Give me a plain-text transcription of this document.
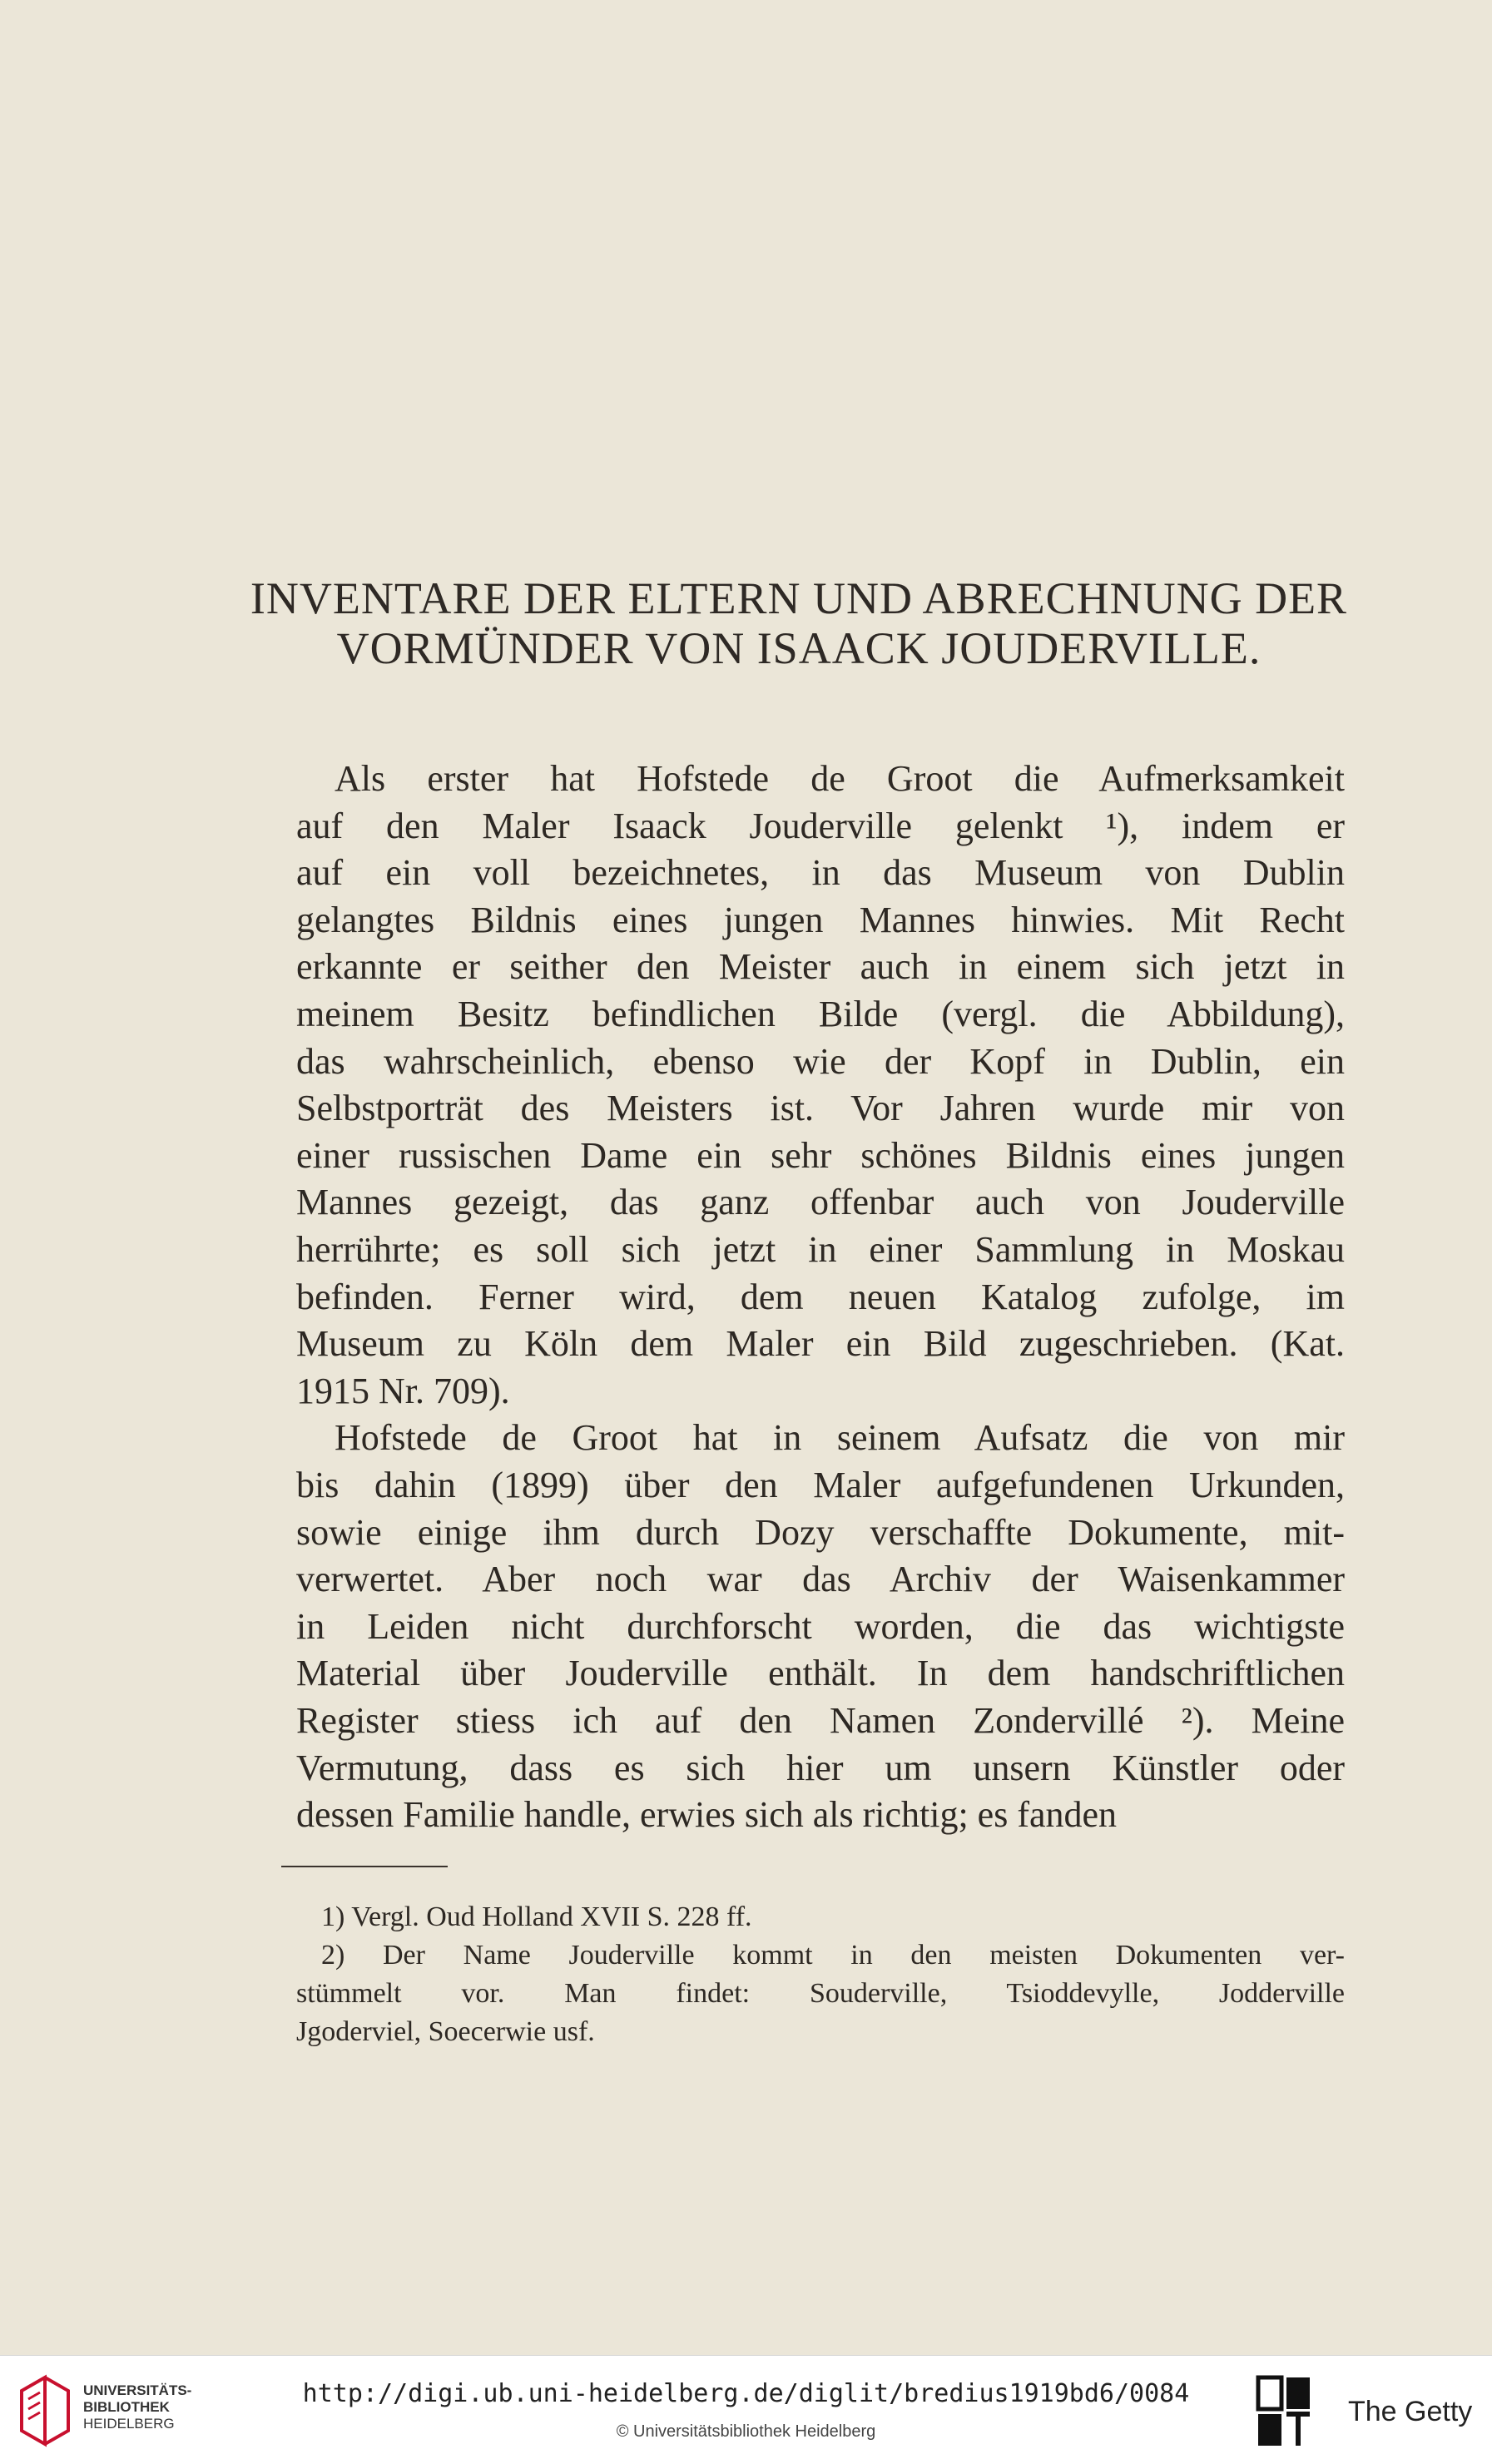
INVENTARE DER ELTERN UND ABRECHNUNG DER
VORMÜNDER VON ISAACK JOUDERVILLE.
Als erster hat Hofstede de Groot die Aufmerksamkeit
auf den Maler Isaack Jouderville gelenkt ¹), indem er
auf ein voll bezeichnetes, in das Museum von Dublin
gelangtes Bildnis eines jungen Mannes hinwies. Mit Recht
erkannte er seither den Meister auch in einem sich jetzt in
meinem Besitz befindlichen Bilde (vergl. die Abbildung),
das wahrscheinlich, ebenso wie der Kopf in Dublin, ein
Selbstporträt des Meisters ist. Vor Jahren wurde mir von
einer russischen Dame ein sehr schönes Bildnis eines jungen
Mannes gezeigt, das ganz offenbar auch von Jouderville
herrührte; es soll sich jetzt in einer Sammlung in Moskau
befinden. Ferner wird, dem neuen Katalog zufolge, im
Museum zu Köln dem Maler ein Bild zugeschrieben. (Kat.
1915 Nr. 709).
Hofstede de Groot hat in seinem Aufsatz die von mir
bis dahin (1899) über den Maler aufgefundenen Urkunden,
sowie einige ihm durch Dozy verschaffte Dokumente, mit-
verwertet. Aber noch war das Archiv der Waisenkammer
in Leiden nicht durchforscht worden, die das wichtigste
Material über Jouderville enthält. In dem handschriftlichen
Register stiess ich auf den Namen Zondervillé ²). Meine
Vermutung, dass es sich hier um unsern Künstler oder
dessen Familie handle, erwies sich als richtig; es fanden
1) Vergl. Oud Holland XVII S. 228 ff.
2) Der Name Jouderville kommt in den meisten Dokumenten ver-
stümmelt vor. Man findet: Souderville, Tsioddevylle, Jodderville
Jgoderviel, Soecerwie usf.
UNIVERSITÄTS-
BIBLIOTHEK
HEIDELBERG
http://digi.ub.uni-heidelberg.de/diglit/bredius1919bd6/0084
© Universitätsbibliothek Heidelberg
The Getty
